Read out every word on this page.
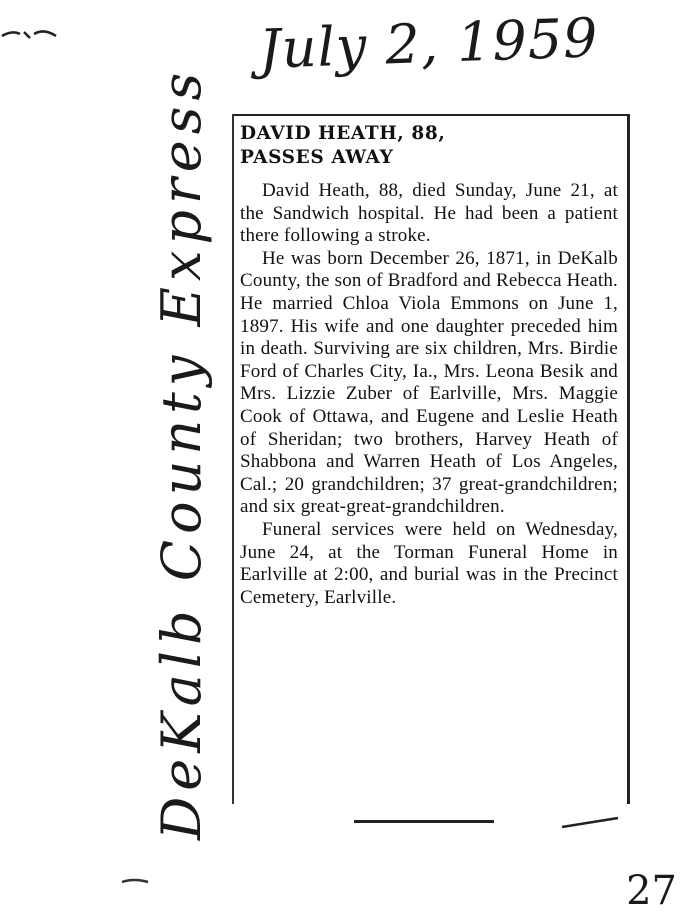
July 2, 1959
DeKalb County Express DAVID HEATH, 88,
PASSES AWAY

David Heath, 88, died Sunday, June 21, at the Sandwich hospital. He had been a patient there following a stroke.

He was born December 26, 1871, in DeKalb County, the son of Bradford and Rebecca Heath. He married Chloa Viola Emmons on June 1, 1897. His wife and one daughter preceded him in death. Surviving are six children, Mrs. Birdie Ford of Charles City, Ia., Mrs. Leona Besik and Mrs. Lizzie Zuber of Earlville, Mrs. Maggie Cook of Ottawa, and Eugene and Leslie Heath of Sheridan; two brothers, Harvey Heath of Shabbona and Warren Heath of Los Angeles, Cal.; 20 grandchildren; 37 great-grandchildren; and six great-great-grandchildren.

Funeral services were held on Wednesday, June 24, at the Torman Funeral Home in Earlville at 2:00, and burial was in the Precinct Cemetery, Earlville.

27
